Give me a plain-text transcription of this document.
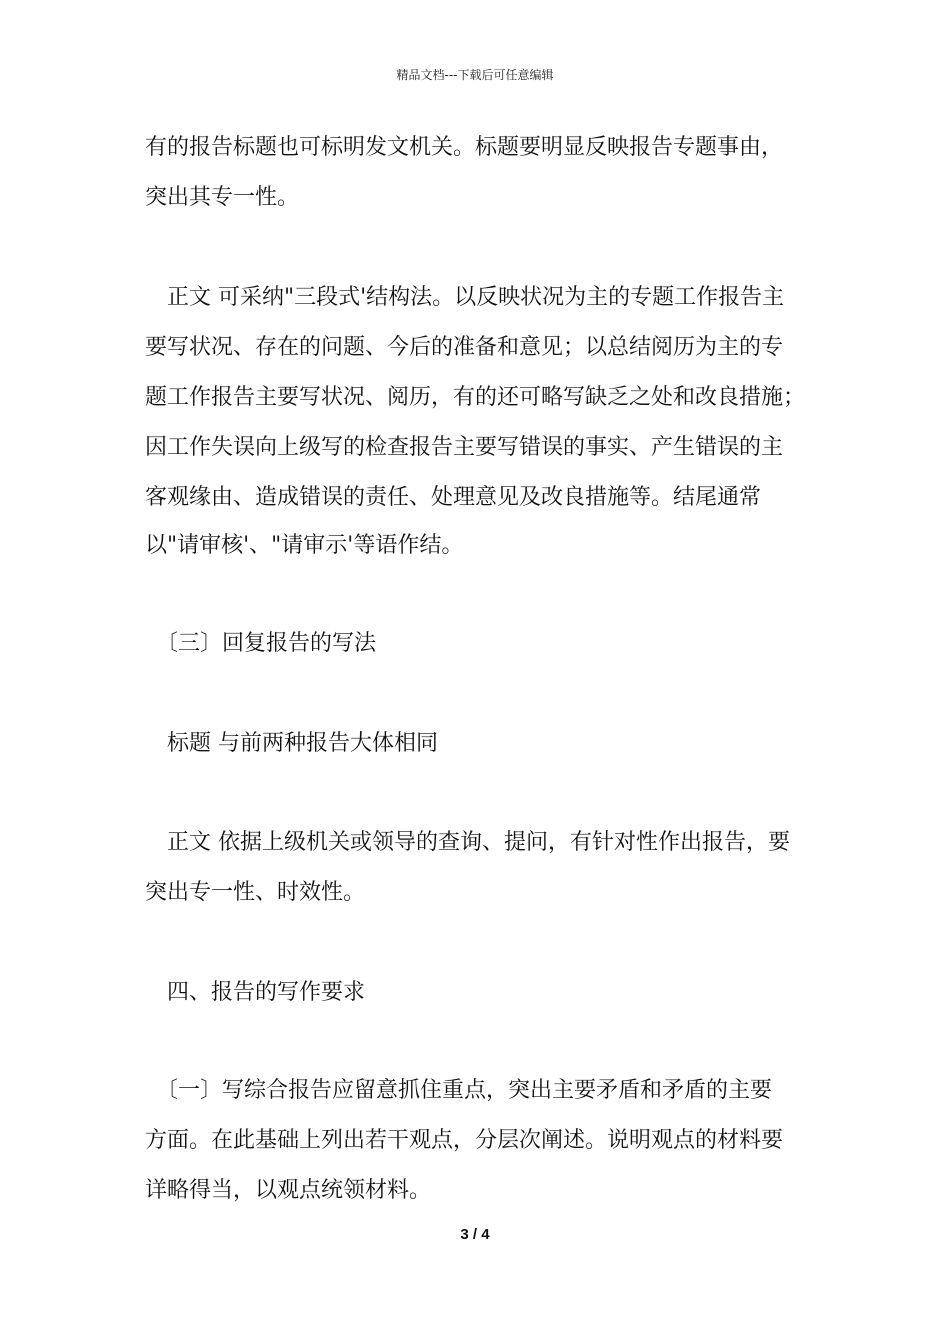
精品文档---下载后可任意编辑
有的报告标题也可标明发文机关。标题要明显反映报告专题事由，
突出其专一性。
　正文 可采纳"三段式'结构法。以反映状况为主的专题工作报告主
要写状况、存在的问题、今后的准备和意见；以总结阅历为主的专
题工作报告主要写状况、阅历，有的还可略写缺乏之处和改良措施；
因工作失误向上级写的检查报告主要写错误的事实、产生错误的主
客观缘由、造成错误的责任、处理意见及改良措施等。结尾通常
以"请审核'、"请审示'等语作结。
　〔三〕回复报告的写法
　标题 与前两种报告大体相同
　正文 依据上级机关或领导的查询、提问，有针对性作出报告，要
突出专一性、时效性。
　四、报告的写作要求
　〔一〕写综合报告应留意抓住重点，突出主要矛盾和矛盾的主要
方面。在此基础上列出若干观点，分层次阐述。说明观点的材料要
详略得当，以观点统领材料。
3 / 4
